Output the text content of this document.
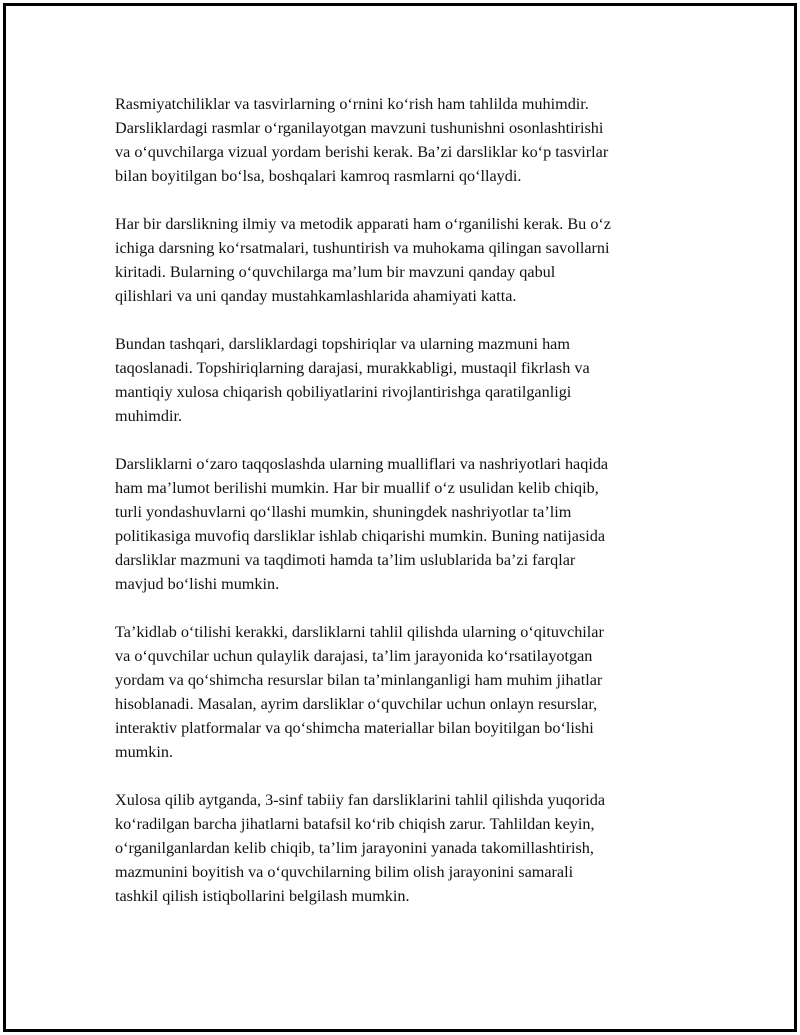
Rasmiyatchiliklar va tasvirlarning o‘rnini ko‘rish ham tahlilda muhimdir.
Darsliklardagi rasmlar o‘rganilayotgan mavzuni tushunishni osonlashtirishi
va o‘quvchilarga vizual yordam berishi kerak. Ba’zi darsliklar ko‘p tasvirlar
bilan boyitilgan bo‘lsa, boshqalari kamroq rasmlarni qo‘llaydi.

Har bir darslikning ilmiy va metodik apparati ham o‘rganilishi kerak. Bu o‘z
ichiga darsning ko‘rsatmalari, tushuntirish va muhokama qilingan savollarni
kiritadi. Bularning o‘quvchilarga ma’lum bir mavzuni qanday qabul
qilishlari va uni qanday mustahkamlashlarida ahamiyati katta.

Bundan tashqari, darsliklardagi topshiriqlar va ularning mazmuni ham
taqoslanadi. Topshiriqlarning darajasi, murakkabligi, mustaqil fikrlash va
mantiqiy xulosa chiqarish qobiliyatlarini rivojlantirishga qaratilganligi
muhimdir.

Darsliklarni o‘zaro taqqoslashda ularning mualliflari va nashriyotlari haqida
ham ma’lumot berilishi mumkin. Har bir muallif o‘z usulidan kelib chiqib,
turli yondashuvlarni qo‘llashi mumkin, shuningdek nashriyotlar ta’lim
politikasiga muvofiq darsliklar ishlab chiqarishi mumkin. Buning natijasida
darsliklar mazmuni va taqdimoti hamda ta’lim uslublarida ba’zi farqlar
mavjud bo‘lishi mumkin.

Ta’kidlab o‘tilishi kerakki, darsliklarni tahlil qilishda ularning o‘qituvchilar
va o‘quvchilar uchun qulaylik darajasi, ta’lim jarayonida ko‘rsatilayotgan
yordam va qo‘shimcha resurslar bilan ta’minlanganligi ham muhim jihatlar
hisoblanadi. Masalan, ayrim darsliklar o‘quvchilar uchun onlayn resurslar,
interaktiv platformalar va qo‘shimcha materiallar bilan boyitilgan bo‘lishi
mumkin.

Xulosa qilib aytganda, 3-sinf tabiiy fan darsliklarini tahlil qilishda yuqorida
ko‘radilgan barcha jihatlarni batafsil ko‘rib chiqish zarur. Tahlildan keyin,
o‘rganilganlardan kelib chiqib, ta’lim jarayonini yanada takomillashtirish,
mazmunini boyitish va o‘quvchilarning bilim olish jarayonini samarali
tashkil qilish istiqbollarini belgilash mumkin.
